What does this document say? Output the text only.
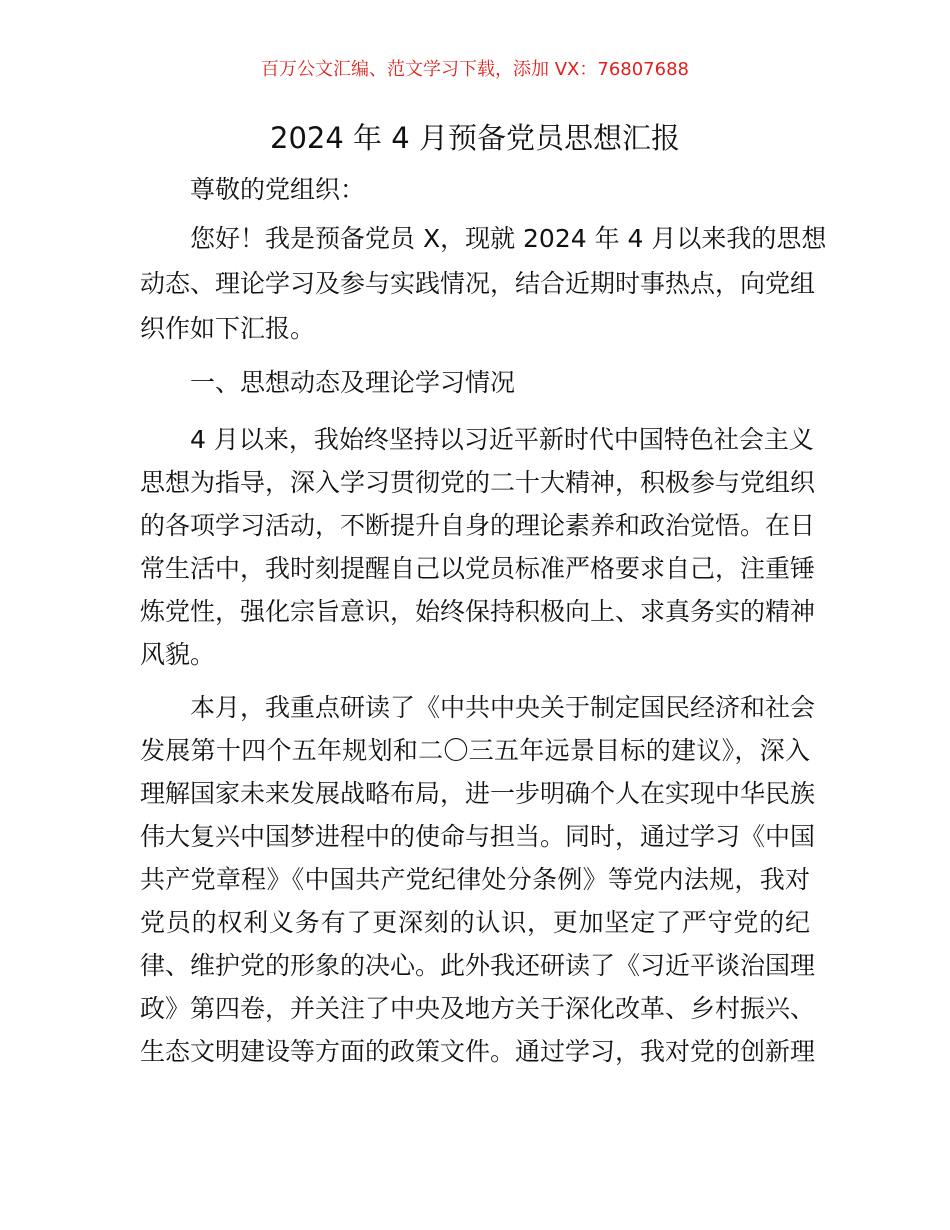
百万公文汇编、范文学习下载，添加 VX：76807688
2024 年 4 月预备党员思想汇报
尊敬的党组织：
您好！我是预备党员 X，现就 2024 年 4 月以来我的思想
动态、理论学习及参与实践情况，结合近期时事热点，向党组
织作如下汇报。
一、思想动态及理论学习情况
4 月以来，我始终坚持以习近平新时代中国特色社会主义
思想为指导，深入学习贯彻党的二十大精神，积极参与党组织
的各项学习活动，不断提升自身的理论素养和政治觉悟。在日
常生活中，我时刻提醒自己以党员标准严格要求自己，注重锤
炼党性，强化宗旨意识，始终保持积极向上、求真务实的精神
风貌。
本月，我重点研读了《中共中央关于制定国民经济和社会
发展第十四个五年规划和二〇三五年远景目标的建议》，深入
理解国家未来发展战略布局，进一步明确个人在实现中华民族
伟大复兴中国梦进程中的使命与担当。同时，通过学习《中国
共产党章程》《中国共产党纪律处分条例》等党内法规，我对
党员的权利义务有了更深刻的认识，更加坚定了严守党的纪
律、维护党的形象的决心。此外我还研读了《习近平谈治国理
政》第四卷，并关注了中央及地方关于深化改革、乡村振兴、
生态文明建设等方面的政策文件。通过学习，我对党的创新理
